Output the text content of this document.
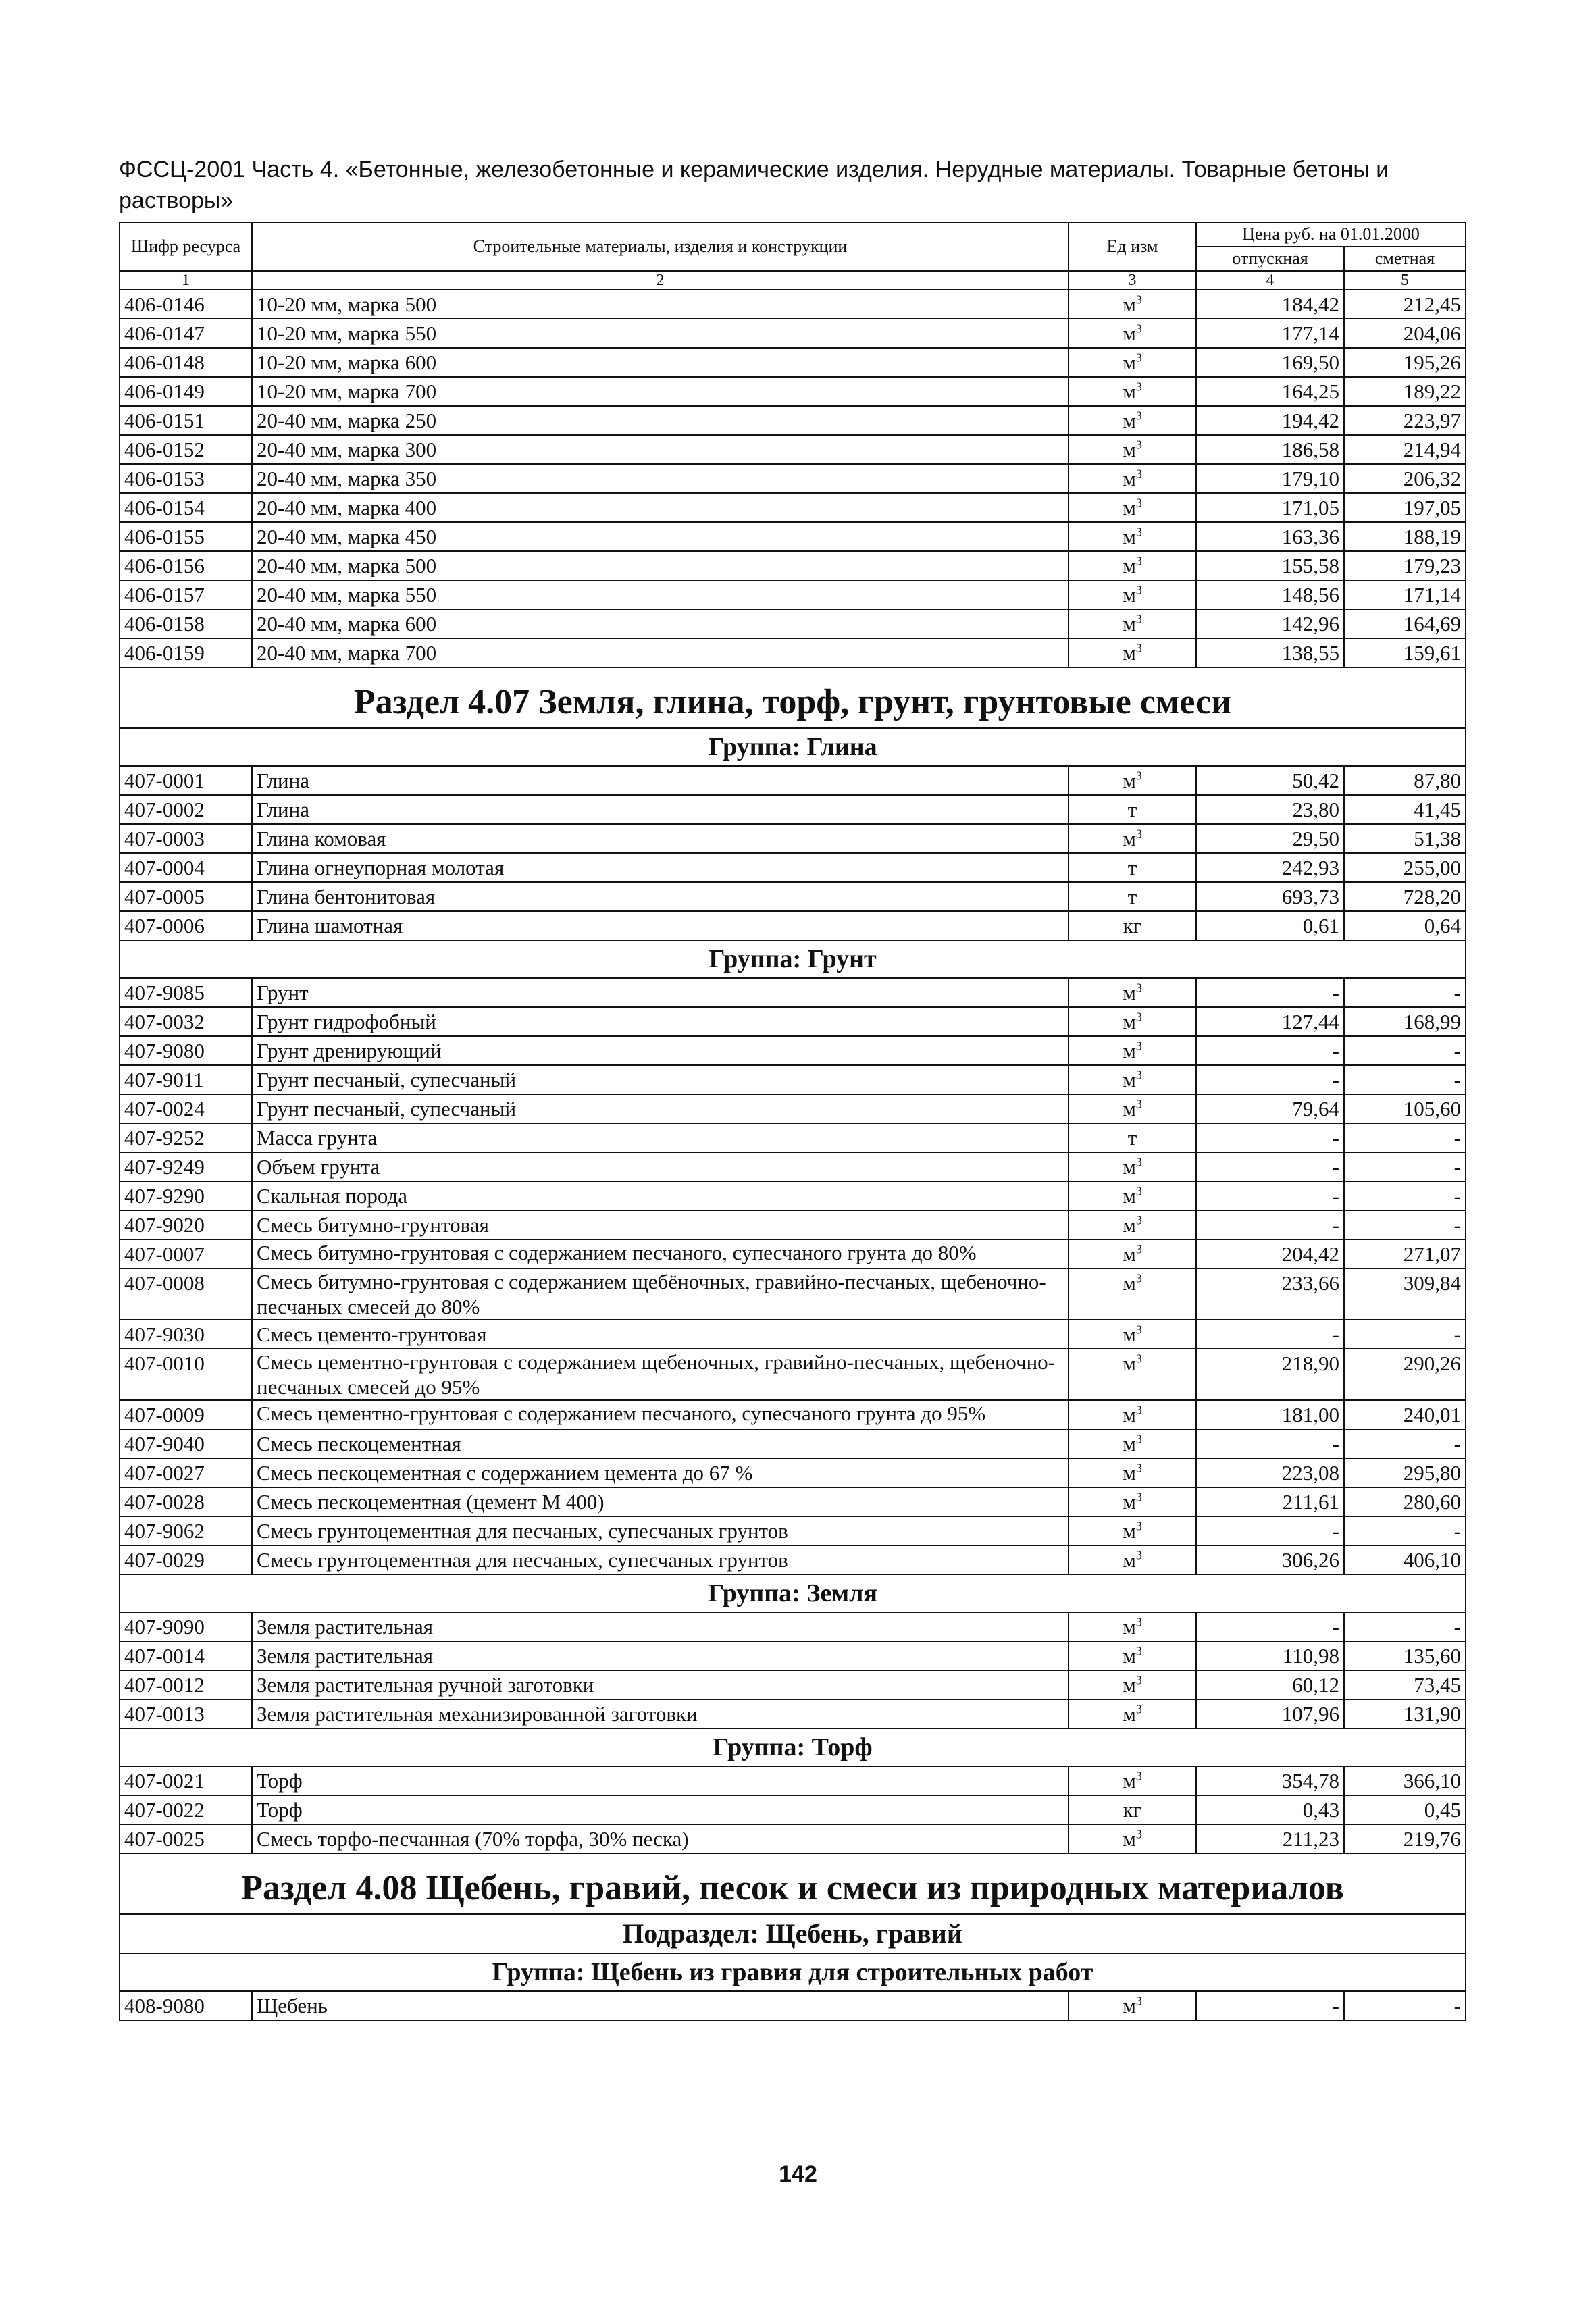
ФССЦ-2001 Часть 4. «Бетонные, железобетонные и керамические изделия. Нерудные материалы. Товарные бетоны и растворы»
Шифр ресурса	Строительные материалы, изделия и конструкции	Ед изм	Цена руб. на 01.01.2000	
			отпускная	сметная
1	2	3	4	5
406-0146	10-20 мм, марка 500	$м^3$	184,42	212,45
406-0147	10-20 мм, марка 550	$м^3$	177,14	204,06
406-0148	10-20 мм, марка 600	$м^3$	169,50	195,26
406-0149	10-20 мм, марка 700	$м^3$	164,25	189,22
406-0151	20-40 мм, марка 250	$м^3$	194,42	223,97
406-0152	20-40 мм, марка 300	$м^3$	186,58	214,94
406-0153	20-40 мм, марка 350	$м^3$	179,10	206,32
406-0154	20-40 мм, марка 400	$м^3$	171,05	197,05
406-0155	20-40 мм, марка 450	$м^3$	163,36	188,19
406-0156	20-40 мм, марка 500	$м^3$	155,58	179,23
406-0157	20-40 мм, марка 550	$м^3$	148,56	171,14
406-0158	20-40 мм, марка 600	$м^3$	142,96	164,69
406-0159	20-40 мм, марка 700	$м^3$	138,55	159,61
Раздел 4.07 Земля, глина, торф, грунт, грунтовые смеси				
Группа: Глина				
407-0001	Глина	$м^3$	50,42	87,80
407-0002	Глина	т	23,80	41,45
407-0003	Глина комовая	$м^3$	29,50	51,38
407-0004	Глина огнеупорная молотая	т	242,93	255,00
407-0005	Глина бентонитовая	т	693,73	728,20
407-0006	Глина шамотная	кг	0,61	0,64
Группа: Грунт				
407-9085	Грунт	$м^3$	-	-
407-0032	Грунт гидрофобный	$м^3$	127,44	168,99
407-9080	Грунт дренирующий	$м^3$	-	-
407-9011	Грунт песчаный, супесчаный	$м^3$	-	-
407-0024	Грунт песчаный, супесчаный	$м^3$	79,64	105,60
407-9252	Масса грунта	т	-	-
407-9249	Объем грунта	$м^3$	-	-
407-9290	Скальная порода	$м^3$	-	-
407-9020	Смесь битумно-грунтовая	$м^3$	-	-
407-0007	Смесь битумно-грунтовая с содержанием песчаного, супесчаного грунта до 80%	$м^3$	204,42	271,07
407-0008	Смесь битумно-грунтовая с содержанием щебёночных, гравийно-песчаных, щебеночно-песчаных смесей до 80%	$м^3$	233,66	309,84
407-9030	Смесь цементо-грунтовая	$м^3$	-	-
407-0010	Смесь цементно-грунтовая с содержанием щебеночных, гравийно-песчаных, щебеночно-песчаных смесей до 95%	$м^3$	218,90	290,26
407-0009	Смесь цементно-грунтовая с содержанием песчаного, супесчаного грунта до 95%	$м^3$	181,00	240,01
407-9040	Смесь пескоцементная	$м^3$	-	-
407-0027	Смесь пескоцементная с содержанием цемента до 67 %	$м^3$	223,08	295,80
407-0028	Смесь пескоцементная (цемент М 400)	$м^3$	211,61	280,60
407-9062	Смесь грунтоцементная для песчаных, супесчаных грунтов	$м^3$	-	-
407-0029	Смесь грунтоцементная для песчаных, супесчаных грунтов	$м^3$	306,26	406,10
Группа: Земля				
407-9090	Земля растительная	$м^3$	-	-
407-0014	Земля растительная	$м^3$	110,98	135,60
407-0012	Земля растительная ручной заготовки	$м^3$	60,12	73,45
407-0013	Земля растительная механизированной заготовки	$м^3$	107,96	131,90
Группа: Торф				
407-0021	Торф	$м^3$	354,78	366,10
407-0022	Торф	кг	0,43	0,45
407-0025	Смесь торфо-песчанная (70% торфа, 30% песка)	$м^3$	211,23	219,76
Раздел 4.08 Щебень, гравий, песок и смеси из природных материалов				
Подраздел: Щебень, гравий				
Группа: Щебень из гравия для строительных работ				
408-9080	Щебень	$м^3$	-	-
142
